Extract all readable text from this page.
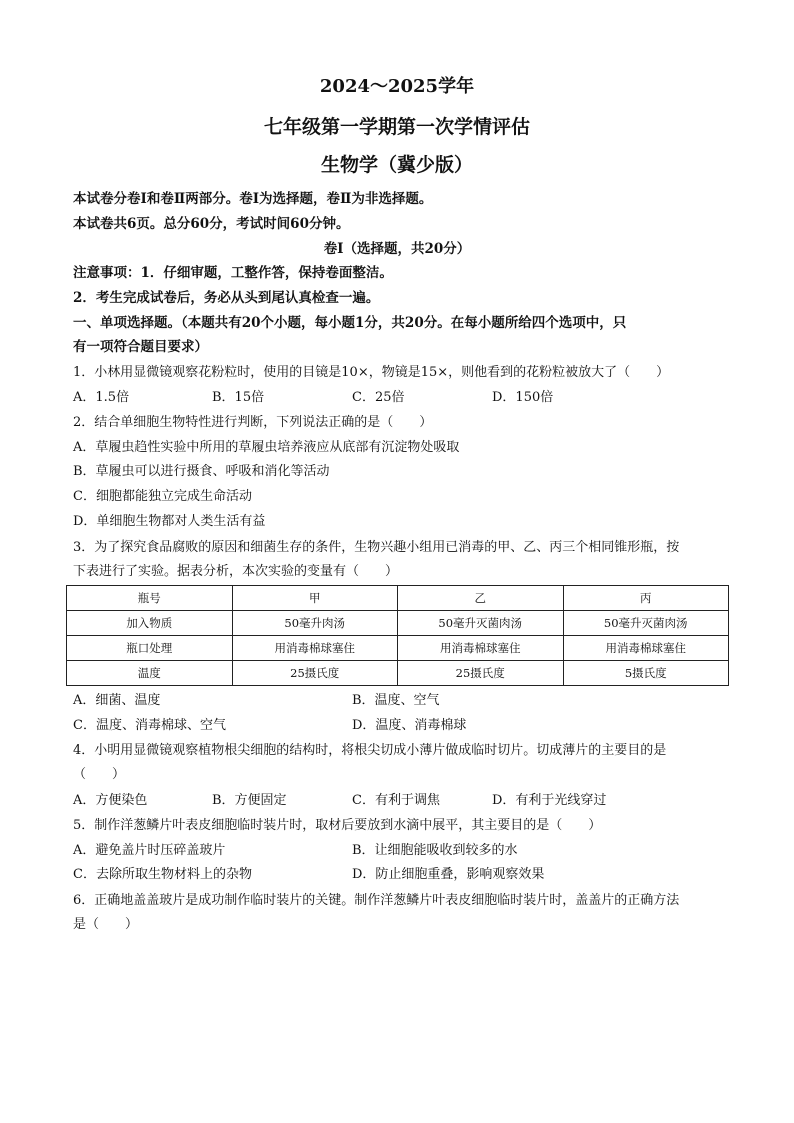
2024～2025学年
七年级第一学期第一次学情评估
生物学（冀少版）
本试卷分卷Ⅰ和卷Ⅱ两部分。卷Ⅰ为选择题，卷Ⅱ为非选择题。
本试卷共6页。总分60分，考试时间60分钟。
卷Ⅰ（选择题，共20分）
注意事项：1．仔细审题，工整作答，保持卷面整洁。
2．考生完成试卷后，务必从头到尾认真检查一遍。
一、单项选择题。（本题共有20个小题，每小题1分，共20分。在每小题所给四个选项中，只
有一项符合题目要求）
1．小林用显微镜观察花粉粒时，使用的目镜是10×，物镜是15×，则他看到的花粉粒被放大了（　　）
A．1.5倍	B．15倍	C．25倍	D．150倍
2．结合单细胞生物特性进行判断，下列说法正确的是（　　）
A．草履虫趋性实验中所用的草履虫培养液应从底部有沉淀物处吸取
B．草履虫可以进行摄食、呼吸和消化等活动
C．细胞都能独立完成生命活动
D．单细胞生物都对人类生活有益
3．为了探究食品腐败的原因和细菌生存的条件，生物兴趣小组用已消毒的甲、乙、丙三个相同锥形瓶，按
下表进行了实验。据表分析，本次实验的变量有（　　）
瓶号	甲	乙	丙
加入物质	50毫升肉汤	50毫升灭菌肉汤	50毫升灭菌肉汤
瓶口处理	用消毒棉球塞住	用消毒棉球塞住	用消毒棉球塞住
温度	25摄氏度	25摄氏度	5摄氏度
A．细菌、温度	B．温度、空气
C．温度、消毒棉球、空气	D．温度、消毒棉球
4．小明用显微镜观察植物根尖细胞的结构时，将根尖切成小薄片做成临时切片。切成薄片的主要目的是
（　　）
A．方便染色	B．方便固定	C．有利于调焦	D．有利于光线穿过
5．制作洋葱鳞片叶表皮细胞临时装片时，取材后要放到水滴中展平，其主要目的是（　　）
A．避免盖片时压碎盖玻片	B．让细胞能吸收到较多的水
C．去除所取生物材料上的杂物	D．防止细胞重叠，影响观察效果
6．正确地盖盖玻片是成功制作临时装片的关键。制作洋葱鳞片叶表皮细胞临时装片时，盖盖片的正确方法
是（　　）
